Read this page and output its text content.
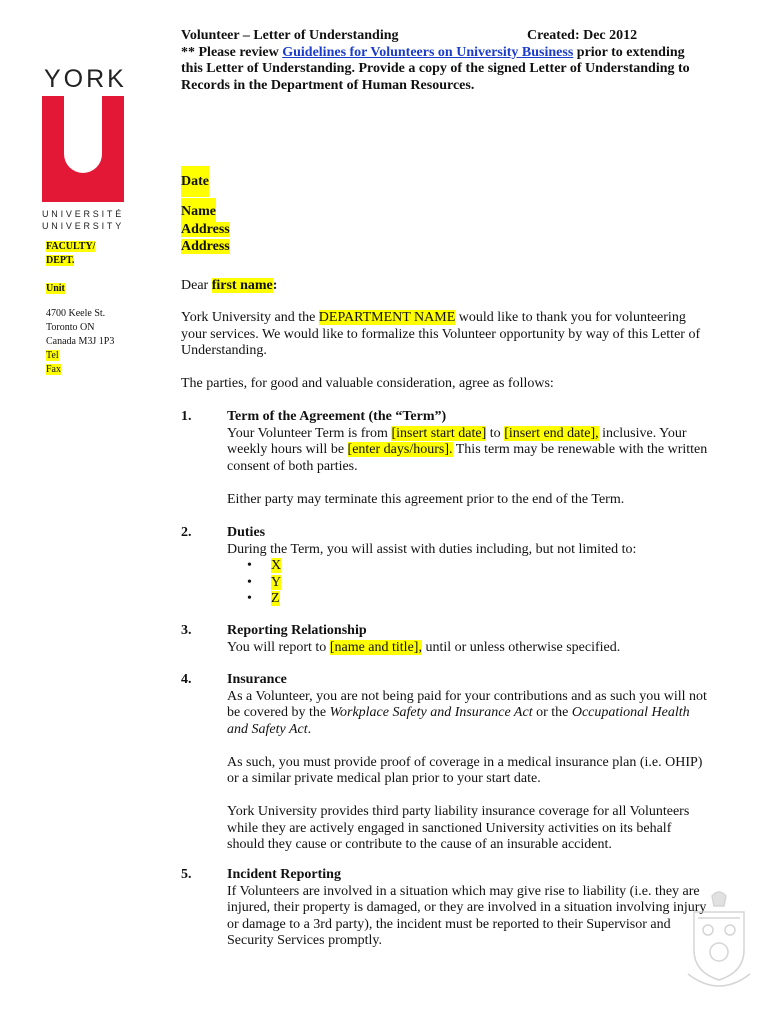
YORK
UNIVERSITÉ
UNIVERSITY
FACULTY/
DEPT.
Unit
4700 Keele St.
Toronto ON
Canada M3J 1P3
Tel
Fax
Volunteer – Letter of Understanding	Created: Dec 2012
** Please review Guidelines for Volunteers on University Business prior to extending this Letter of Understanding. Provide a copy of the signed Letter of Understanding to Records in the Department of Human Resources.
Date
Name
Address
Address
Dear first name:
York University and the DEPARTMENT NAME would like to thank you for volunteering your services. We would like to formalize this Volunteer opportunity by way of this Letter of Understanding.
The parties, for good and valuable consideration, agree as follows:
1.	Term of the Agreement (the “Term”)
Your Volunteer Term is from [insert start date] to [insert end date], inclusive. Your weekly hours will be [enter days/hours]. This term may be renewable with the written consent of both parties.
Either party may terminate this agreement prior to the end of the Term.
2.	Duties
During the Term, you will assist with duties including, but not limited to:
• X
• Y
• Z
3.	Reporting Relationship
You will report to [name and title], until or unless otherwise specified.
4.	Insurance
As a Volunteer, you are not being paid for your contributions and as such you will not be covered by the Workplace Safety and Insurance Act or the Occupational Health and Safety Act.
As such, you must provide proof of coverage in a medical insurance plan (i.e. OHIP) or a similar private medical plan prior to your start date.
York University provides third party liability insurance coverage for all Volunteers while they are actively engaged in sanctioned University activities on its behalf should they cause or contribute to the cause of an insurable accident.
5.	Incident Reporting
If Volunteers are involved in a situation which may give rise to liability (i.e. they are injured, their property is damaged, or they are involved in a situation involving injury or damage to a 3rd party), the incident must be reported to their Supervisor and Security Services promptly.
